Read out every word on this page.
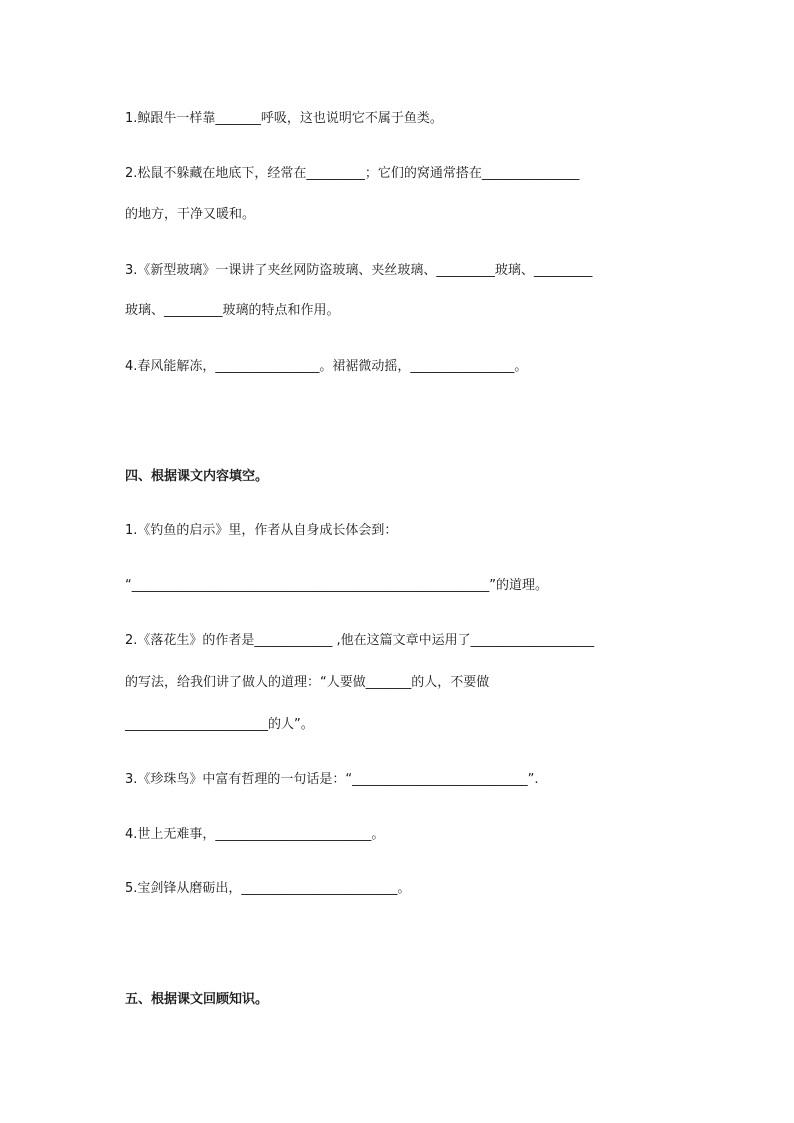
1.鲸跟牛一样靠_______呼吸，这也说明它不属于鱼类。
2.松鼠不躲藏在地底下，经常在_________；它们的窝通常搭在_______________
的地方，干净又暖和。
3.《新型玻璃》一课讲了夹丝网防盗玻璃、夹丝玻璃、_________玻璃、_________
玻璃、_________玻璃的特点和作用。
4.春风能解冻，________________。裙裾微动摇，________________。
四、根据课文内容填空。
1.《钓鱼的启示》里，作者从自身成长体会到：
“_______________________________________________________”的道理。
2.《落花生》的作者是____________ ,他在这篇文章中运用了___________________
的写法，给我们讲了做人的道理：“人要做_______的人，不要做
______________________的人”。
3.《珍珠鸟》中富有哲理的一句话是：“___________________________”.
4.世上无难事，________________________。
5.宝剑锋从磨砺出，________________________。
五、根据课文回顾知识。
